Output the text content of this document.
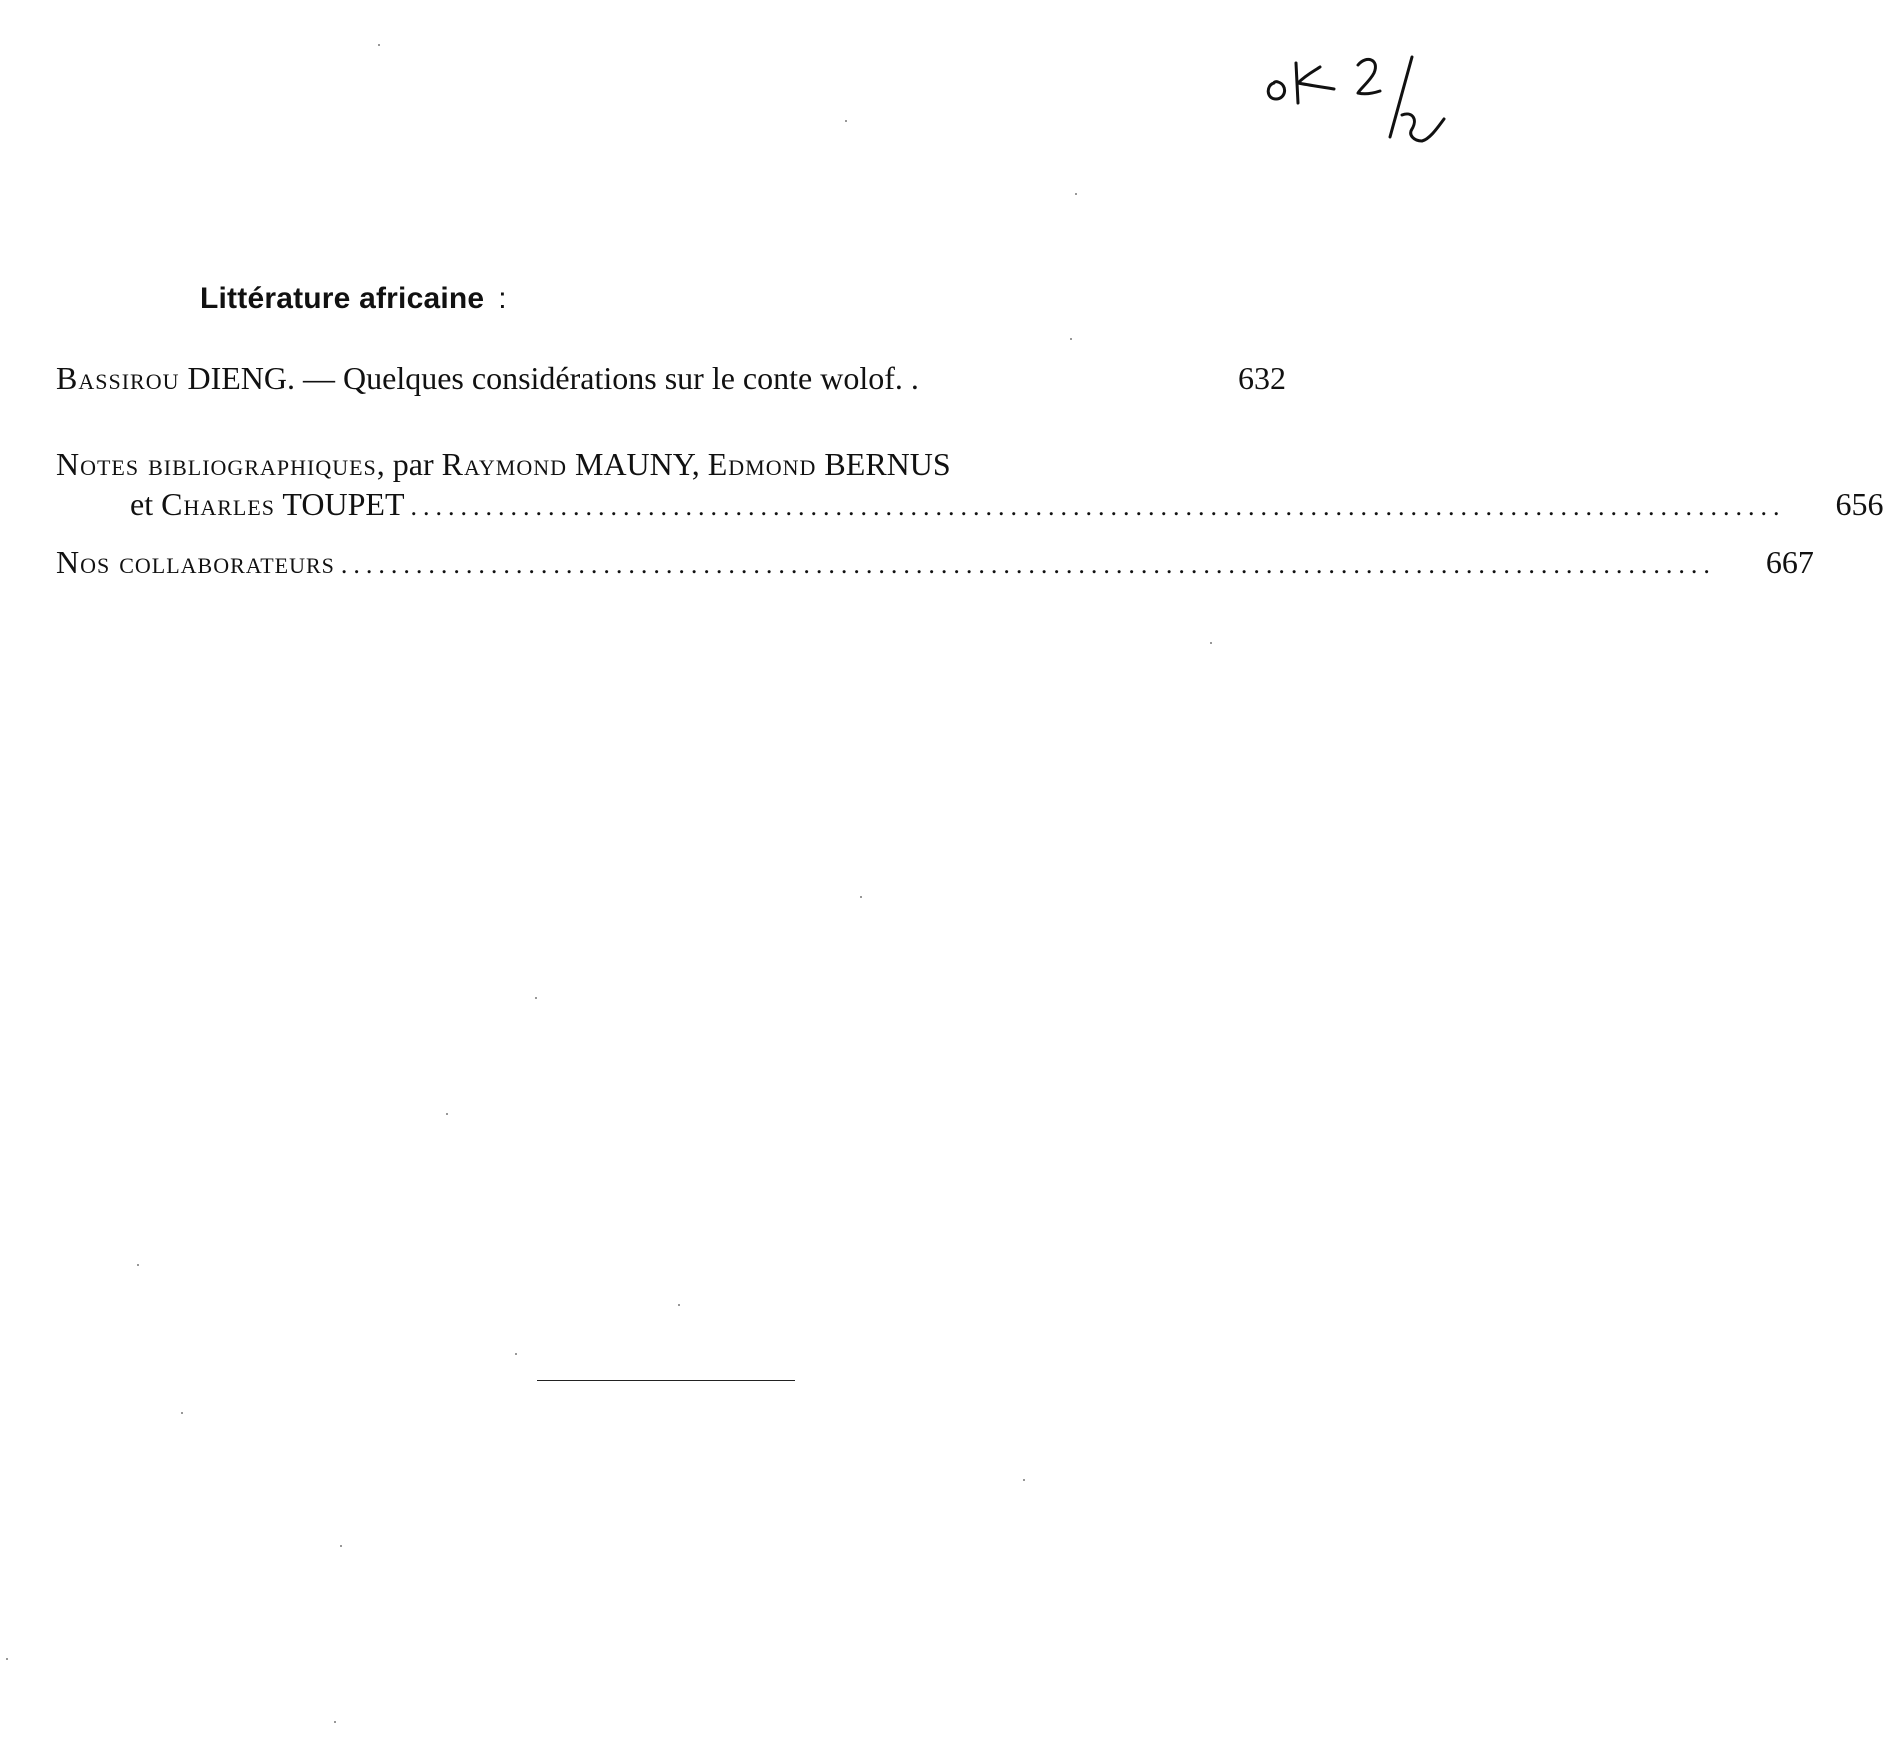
Littérature africaine :
Bassirou DIENG. — Quelques considérations sur le conte wolof. .	632
Notes bibliographiques, par Raymond MAUNY, Edmond BERNUS
et Charles TOUPET ..............................................................................................................	656
Nos collaborateurs ..............................................................................................................	667
